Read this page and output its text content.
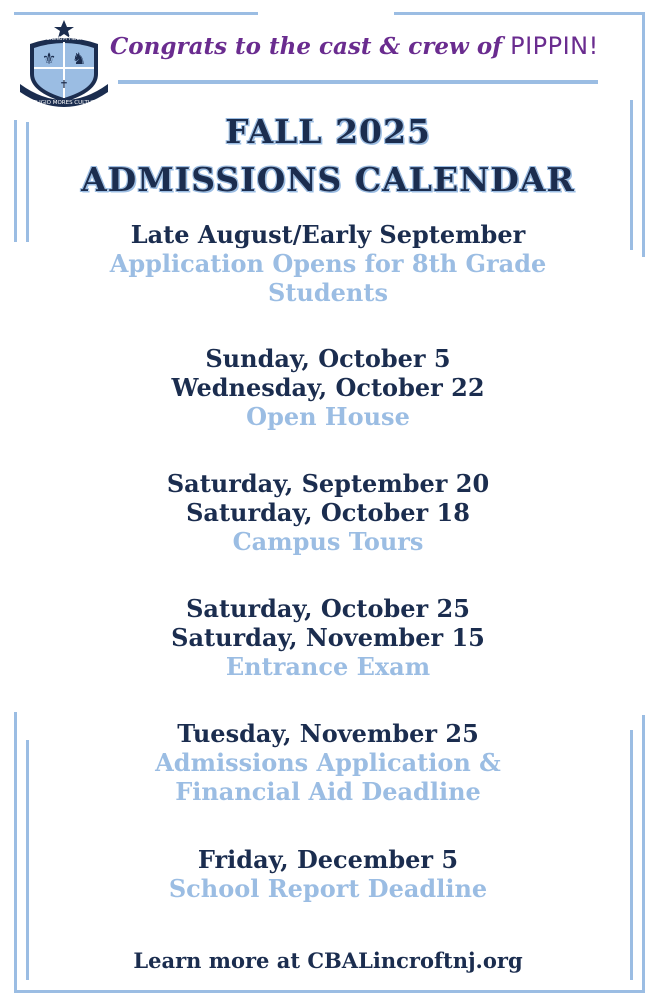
⚜ ♞
✝
SIGNUM FIDEI
RELIGIO MORES CULTURA
Congrats to the cast & crew of PIPPIN!
FALL 2025
ADMISSIONS CALENDAR
Late August/Early September
Application Opens for 8th Grade
Students
Sunday, October 5
Wednesday, October 22
Open House
Saturday, September 20
Saturday, October 18
Campus Tours
Saturday, October 25
Saturday, November 15
Entrance Exam
Tuesday, November 25
Admissions Application &
Financial Aid Deadline
Friday, December 5
School Report Deadline
Learn more at CBALincroftnj.org
